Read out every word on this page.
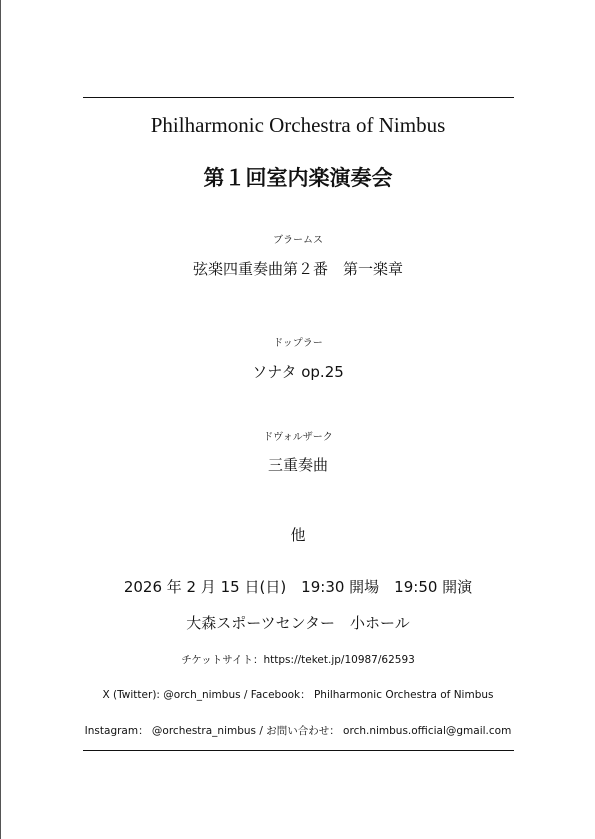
Philharmonic Orchestra of Nimbus
第１回室内楽演奏会
ブラームス
弦楽四重奏曲第２番　第一楽章
ドップラー
ソナタ op.25
ドヴォルザーク
三重奏曲
他
2026 年 2 月 15 日(日)　19:30 開場　19:50 開演
大森スポーツセンター　小ホール
チケットサイト：https://teket.jp/10987/62593
X (Twitter): @orch_nimbus / Facebook： Philharmonic Orchestra of Nimbus
Instagram： @orchestra_nimbus / お問い合わせ： orch.nimbus.official@gmail.com
